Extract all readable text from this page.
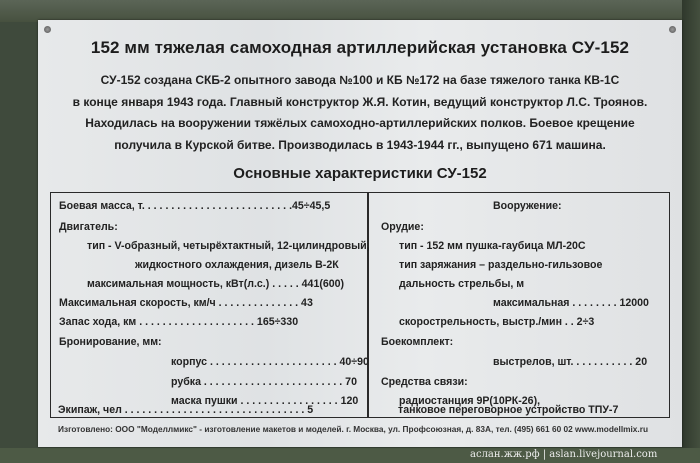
152 мм тяжелая самоходная артиллерийская установка СУ-152
СУ-152 создана СКБ-2 опытного завода №100 и КБ №172 на базе тяжелого танка КВ-1С
в конце января 1943 года. Главный конструктор Ж.Я. Котин, ведущий конструктор Л.С. Троянов.
Находилась на вооружении тяжёлых самоходно-артиллерийских полков. Боевое крещение
получила в Курской битве. Производилась в 1943-1944 гг., выпущено 671 машина.
Основные характеристики СУ-152
Боевая масса, т. . . . . . . . . . . . . . . . . . . . . . . . . .45÷45,5
Двигатель:
тип - V-образный, четырёхтактный, 12-цилиндровый,
жидкостного охлаждения, дизель В-2К
максимальная мощность, кВт(л.с.) . . . . . 441(600)
Максимальная скорость, км/ч . . . . . . . . . . . . . . 43
Запас хода, км . . . . . . . . . . . . . . . . . . . . 165÷330
Бронирование, мм:
корпус . . . . . . . . . . . . . . . . . . . . . . 40÷90
рубка . . . . . . . . . . . . . . . . . . . . . . . . 70
маска пушки . . . . . . . . . . . . . . . . . 120
Вооружение:
Орудие:
тип - 152 мм пушка-гаубица МЛ-20С
тип заряжания – раздельно-гильзовое
дальность стрельбы, м
максимальная . . . . . . . . 12000
скорострельность, выстр./мин . . 2÷3
Боекомплект:
выстрелов, шт. . . . . . . . . . . 20
Средства связи:
радиостанция 9Р(10РК-26),
Экипаж, чел . . . . . . . . . . . . . . . . . . . . . . . . . . . . . . . 5	танковое переговорное устройство ТПУ-7
Изготовлено: ООО "Моделлмикс" - изготовление макетов и моделей. г. Москва, ул. Профсоюзная, д. 83А, тел. (495) 661 60 02 www.modellmix.ru
аслан.жж.рф | aslan.livejournal.com
